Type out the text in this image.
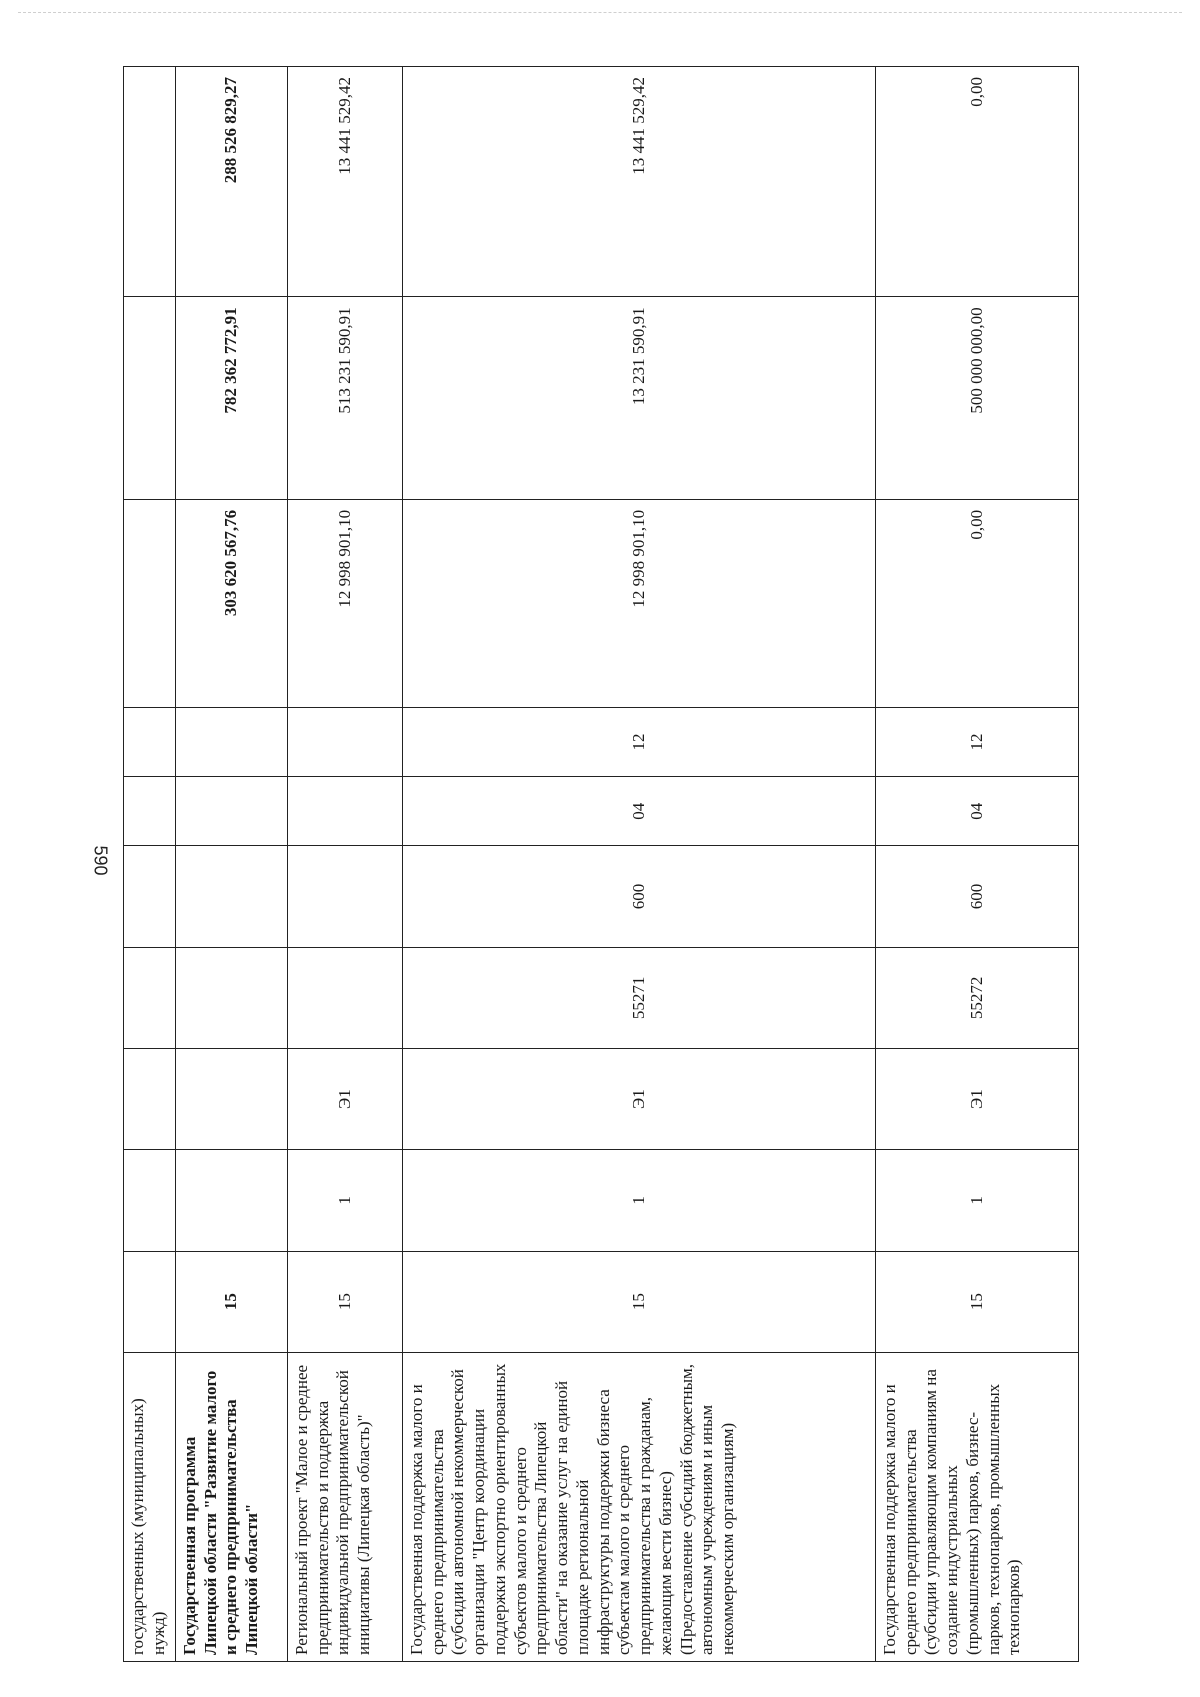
590
государственных (муниципальных) нужд)										
Государственная программа Липецкой области "Развитие малого и среднего предпринимательства Липецкой области"	15							303 620 567,76	782 362 772,91	288 526 829,27
Региональный проект "Малое и среднее предпринимательство и поддержка индивидуальной предпринимательской инициативы (Липецкая область)"	15	1	Э1					12 998 901,10	513 231 590,91	13 441 529,42
Государственная поддержка малого и среднего предпринимательства (субсидии автономной некоммерческой организации "Центр координации поддержки экспортно ориентированных субъектов малого и среднего предпринимательства Липецкой области" на оказание услуг на единой площадке региональной инфраструктуры поддержки бизнеса субъектам малого и среднего предпринимательства и гражданам, желающим вести бизнес) (Предоставление субсидий бюджетным, автономным учреждениям и иным некоммерческим организациям)	15	1	Э1	55271	600	04	12	12 998 901,10	13 231 590,91	13 441 529,42
Государственная поддержка малого и среднего предпринимательства (субсидии управляющим компаниям на создание индустриальных (промышленных) парков, бизнес-парков, технопарков, промышленных технопарков)	15	1	Э1	55272	600	04	12	0,00	500 000 000,00	0,00
